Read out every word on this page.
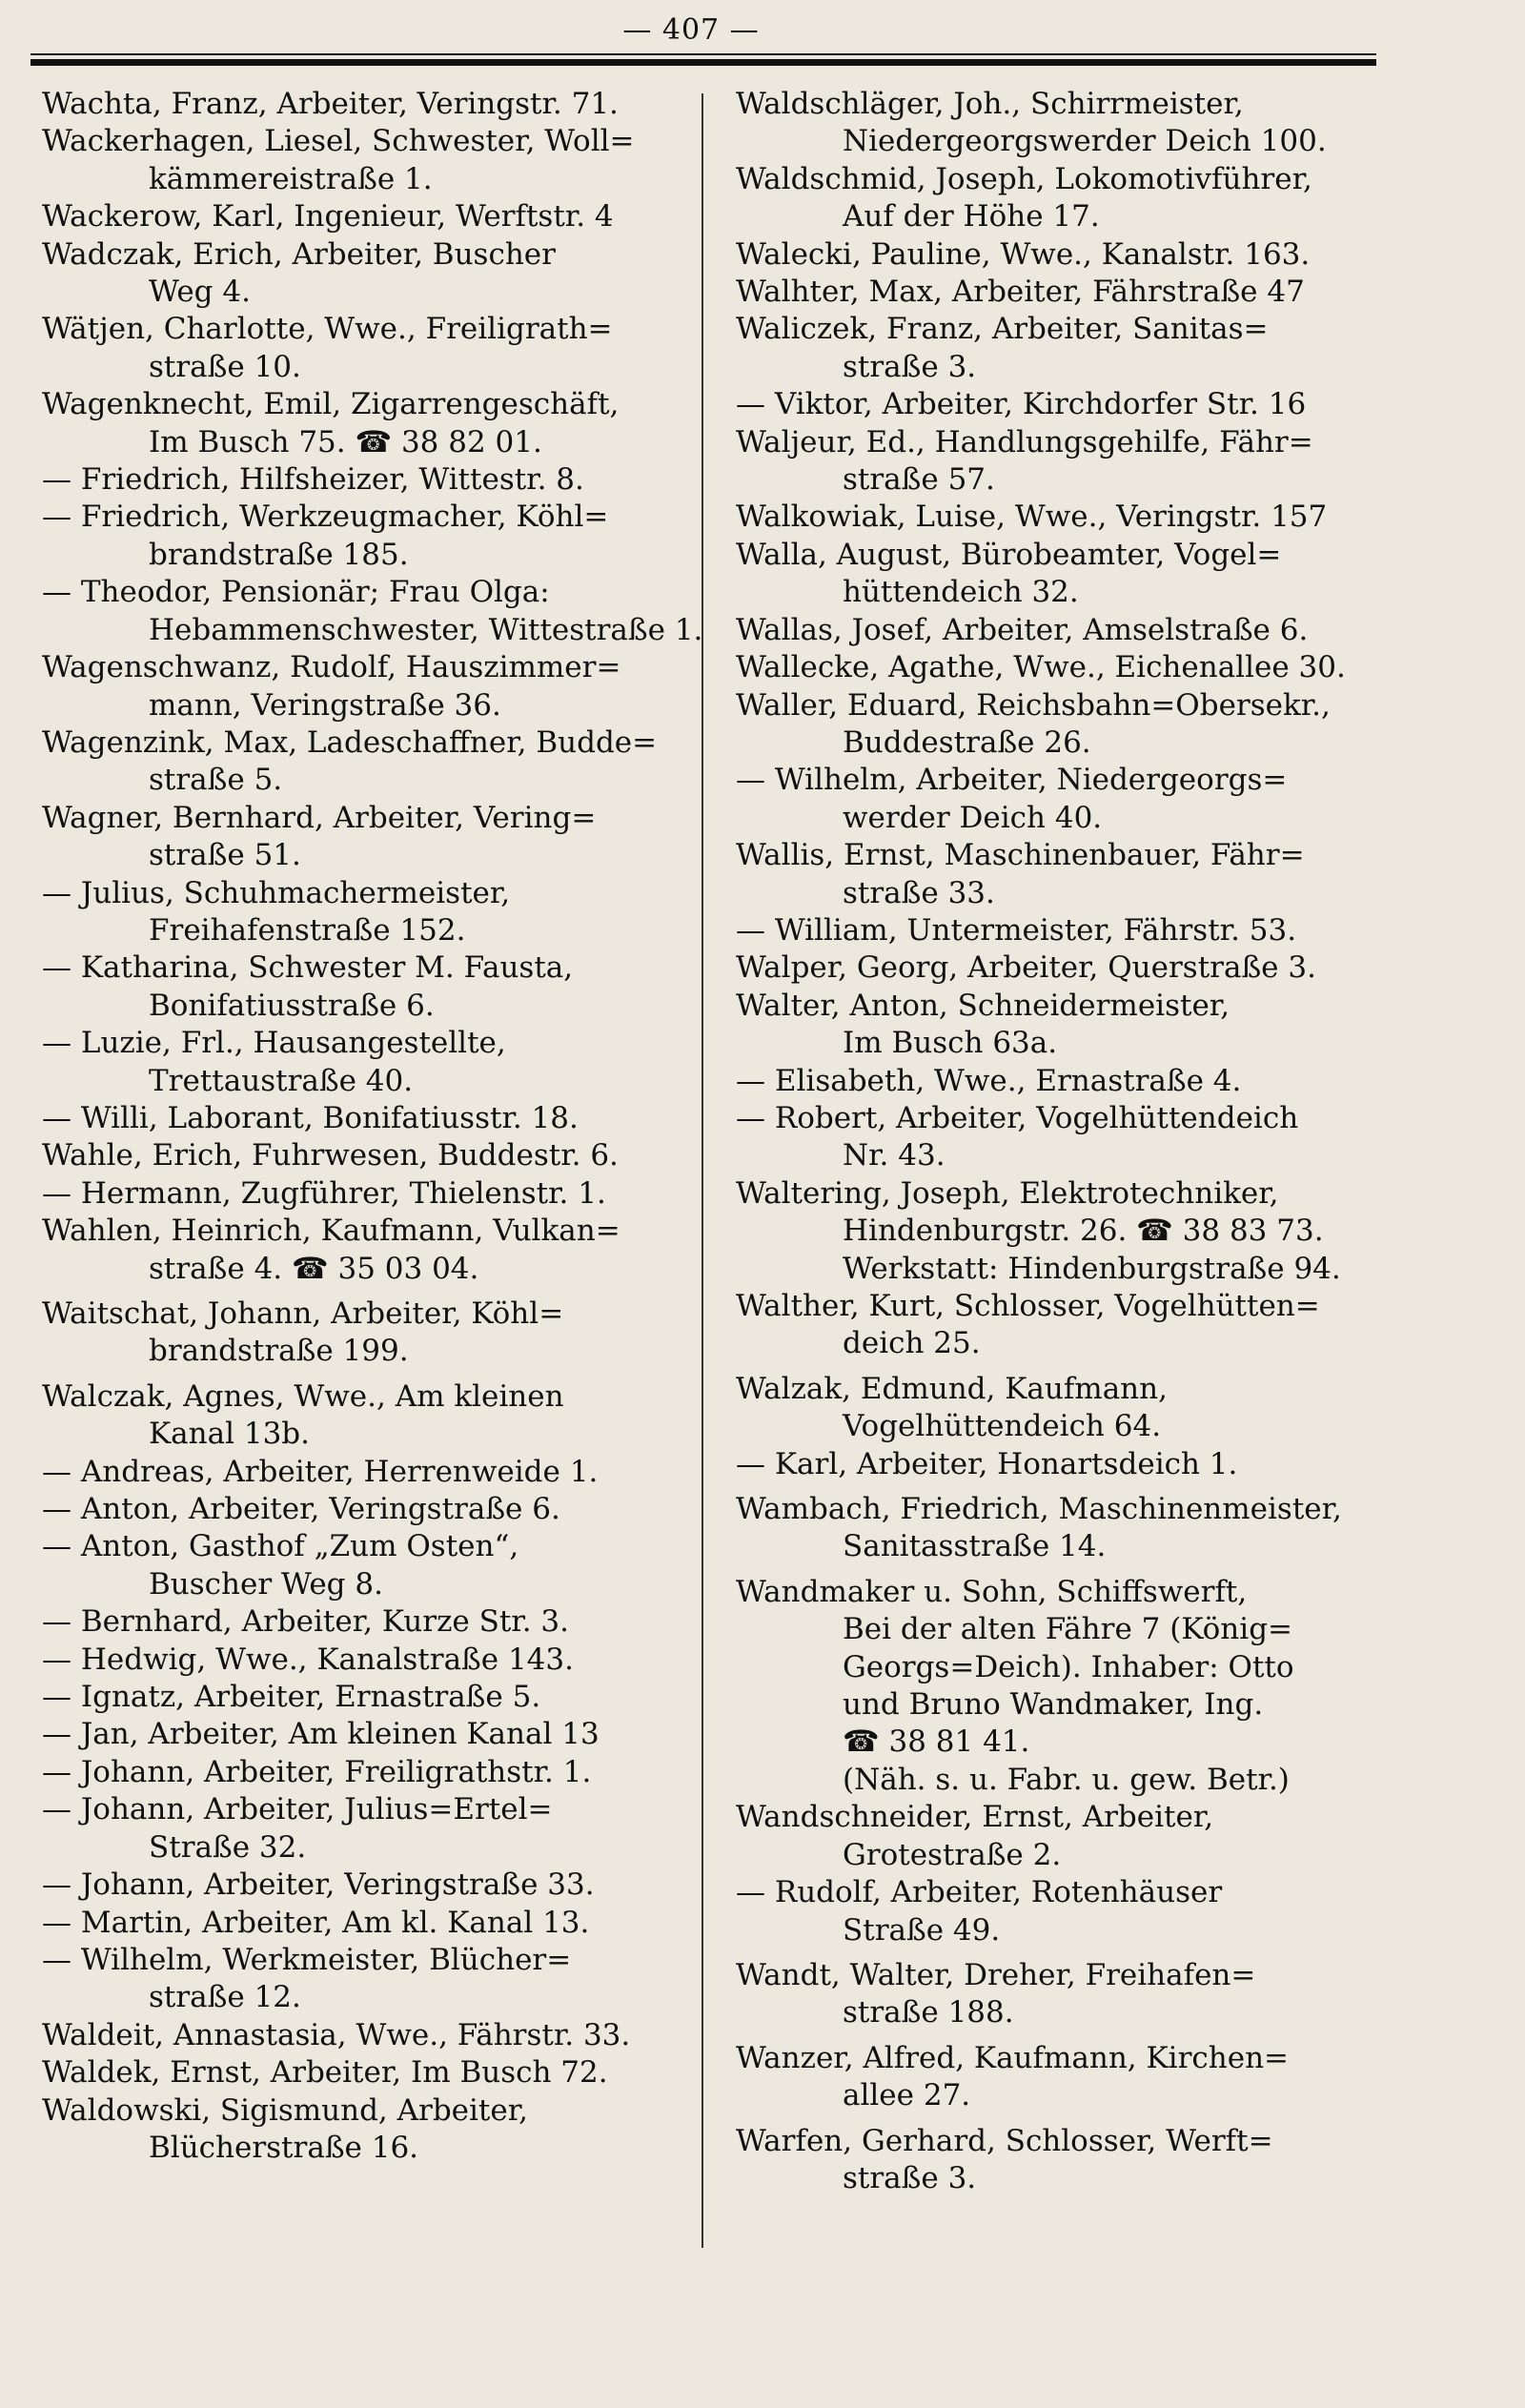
— 407 —
Wachta, Franz, Arbeiter, Veringstr. 71.
Wackerhagen, Liesel, Schwester, Woll=
kämmereistraße 1.
Wackerow, Karl, Ingenieur, Werftstr. 4
Wadczak, Erich, Arbeiter, Buscher
Weg 4.
Wätjen, Charlotte, Wwe., Freiligrath=
straße 10.
Wagenknecht, Emil, Zigarrengeschäft,
Im Busch 75. ☎ 38 82 01.
— Friedrich, Hilfsheizer, Wittestr. 8.
— Friedrich, Werkzeugmacher, Köhl=
brandstraße 185.
— Theodor, Pensionär; Frau Olga:
Hebammenschwester, Wittestraße 1.
Wagenschwanz, Rudolf, Hauszimmer=
mann, Veringstraße 36.
Wagenzink, Max, Ladeschaffner, Budde=
straße 5.
Wagner, Bernhard, Arbeiter, Vering=
straße 51.
— Julius, Schuhmachermeister,
Freihafenstraße 152.
— Katharina, Schwester M. Fausta,
Bonifatiusstraße 6.
— Luzie, Frl., Hausangestellte,
Trettaustraße 40.
— Willi, Laborant, Bonifatiusstr. 18.
Wahle, Erich, Fuhrwesen, Buddestr. 6.
— Hermann, Zugführer, Thielenstr. 1.
Wahlen, Heinrich, Kaufmann, Vulkan=
straße 4. ☎ 35 03 04.
Waitschat, Johann, Arbeiter, Köhl=
brandstraße 199.
Walczak, Agnes, Wwe., Am kleinen
Kanal 13b.
— Andreas, Arbeiter, Herrenweide 1.
— Anton, Arbeiter, Veringstraße 6.
— Anton, Gasthof „Zum Osten“,
Buscher Weg 8.
— Bernhard, Arbeiter, Kurze Str. 3.
— Hedwig, Wwe., Kanalstraße 143.
— Ignatz, Arbeiter, Ernastraße 5.
— Jan, Arbeiter, Am kleinen Kanal 13
— Johann, Arbeiter, Freiligrathstr. 1.
— Johann, Arbeiter, Julius=Ertel=
Straße 32.
— Johann, Arbeiter, Veringstraße 33.
— Martin, Arbeiter, Am kl. Kanal 13.
— Wilhelm, Werkmeister, Blücher=
straße 12.
Waldeit, Annastasia, Wwe., Fährstr. 33.
Waldek, Ernst, Arbeiter, Im Busch 72.
Waldowski, Sigismund, Arbeiter,
Blücherstraße 16.
Waldschläger, Joh., Schirrmeister,
Niedergeorgswerder Deich 100.
Waldschmid, Joseph, Lokomotivführer,
Auf der Höhe 17.
Walecki, Pauline, Wwe., Kanalstr. 163.
Walhter, Max, Arbeiter, Fährstraße 47
Waliczek, Franz, Arbeiter, Sanitas=
straße 3.
— Viktor, Arbeiter, Kirchdorfer Str. 16
Waljeur, Ed., Handlungsgehilfe, Fähr=
straße 57.
Walkowiak, Luise, Wwe., Veringstr. 157
Walla, August, Bürobeamter, Vogel=
hüttendeich 32.
Wallas, Josef, Arbeiter, Amselstraße 6.
Wallecke, Agathe, Wwe., Eichenallee 30.
Waller, Eduard, Reichsbahn=Obersekr.,
Buddestraße 26.
— Wilhelm, Arbeiter, Niedergeorgs=
werder Deich 40.
Wallis, Ernst, Maschinenbauer, Fähr=
straße 33.
— William, Untermeister, Fährstr. 53.
Walper, Georg, Arbeiter, Querstraße 3.
Walter, Anton, Schneidermeister,
Im Busch 63a.
— Elisabeth, Wwe., Ernastraße 4.
— Robert, Arbeiter, Vogelhüttendeich
Nr. 43.
Waltering, Joseph, Elektrotechniker,
Hindenburgstr. 26. ☎ 38 83 73.
Werkstatt: Hindenburgstraße 94.
Walther, Kurt, Schlosser, Vogelhütten=
deich 25.
Walzak, Edmund, Kaufmann,
Vogelhüttendeich 64.
— Karl, Arbeiter, Honartsdeich 1.
Wambach, Friedrich, Maschinenmeister,
Sanitasstraße 14.
Wandmaker u. Sohn, Schiffswerft,
Bei der alten Fähre 7 (König=
Georgs=Deich). Inhaber: Otto
und Bruno Wandmaker, Ing.
☎ 38 81 41.
(Näh. s. u. Fabr. u. gew. Betr.)
Wandschneider, Ernst, Arbeiter,
Grotestraße 2.
— Rudolf, Arbeiter, Rotenhäuser
Straße 49.
Wandt, Walter, Dreher, Freihafen=
straße 188.
Wanzer, Alfred, Kaufmann, Kirchen=
allee 27.
Warfen, Gerhard, Schlosser, Werft=
straße 3.
